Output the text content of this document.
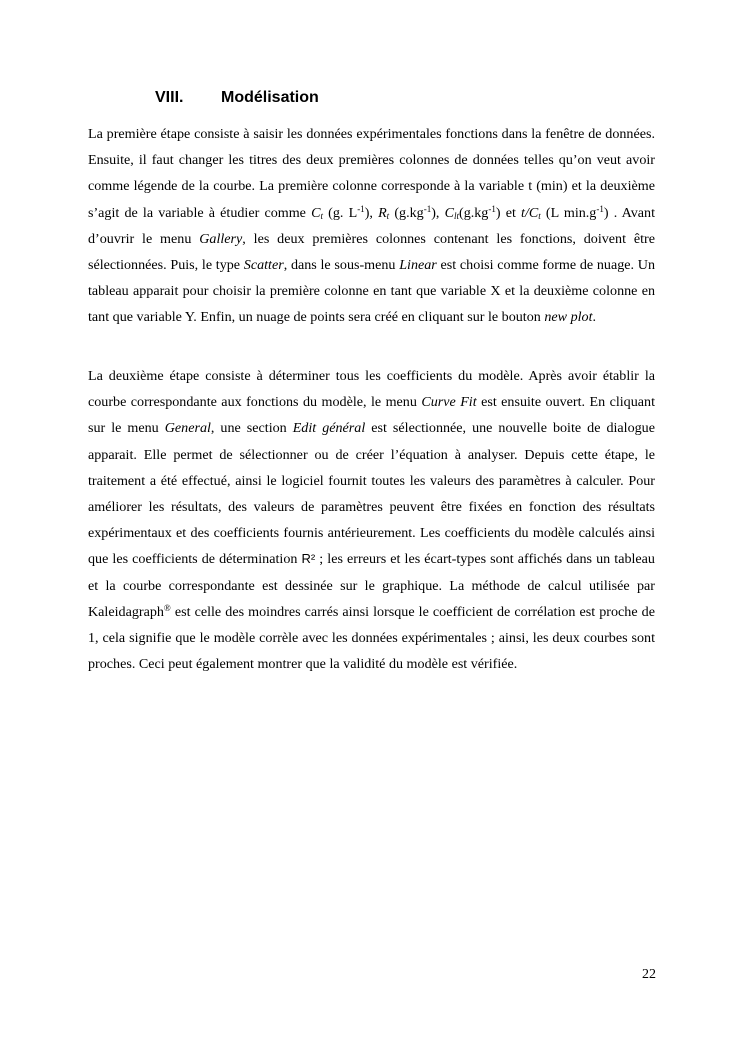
VIII. Modélisation

La première étape consiste à saisir les données expérimentales fonctions dans la fenêtre de données. Ensuite, il faut changer les titres des deux premières colonnes de données telles qu’on veut avoir comme légende de la courbe. La première colonne corresponde à la variable t (min) et la deuxième s’agit de la variable à étudier comme $C_t$ (g. $L^{-1}$), $R_t$ $(g.kg^{-1})$, $C_{lt}(g.kg^{-1})$ et $t/C_t$ (L $\min.g^{-1}$) . Avant d’ouvrir le menu Gallery, les deux premières colonnes contenant les fonctions, doivent être sélectionnées. Puis, le type Scatter, dans le sous-menu Linear est choisi comme forme de nuage. Un tableau apparait pour choisir la première colonne en tant que variable X et la deuxième colonne en tant que variable Y. Enfin, un nuage de points sera créé en cliquant sur le bouton new plot.

La deuxième étape consiste à déterminer tous les coefficients du modèle. Après avoir établir la courbe correspondante aux fonctions du modèle, le menu Curve Fit est ensuite ouvert. En cliquant sur le menu General, une section Edit général est sélectionnée, une nouvelle boite de dialogue apparait. Elle permet de sélectionner ou de créer l’équation à analyser. Depuis cette étape, le traitement a été effectué, ainsi le logiciel fournit toutes les valeurs des paramètres à calculer. Pour améliorer les résultats, des valeurs de paramètres peuvent être fixées en fonction des résultats expérimentaux et des coefficients fournis antérieurement. Les coefficients du modèle calculés ainsi que les coefficients de détermination R² ; les erreurs et les écart-types sont affichés dans un tableau et la courbe correspondante est dessinée sur le graphique. La méthode de calcul utilisée par Kaleidagraph® est celle des moindres carrés ainsi lorsque le coefficient de corrélation est proche de 1, cela signifie que le modèle corrèle avec les données expérimentales ; ainsi, les deux courbes sont proches. Ceci peut également montrer que la validité du modèle est vérifiée.

22
